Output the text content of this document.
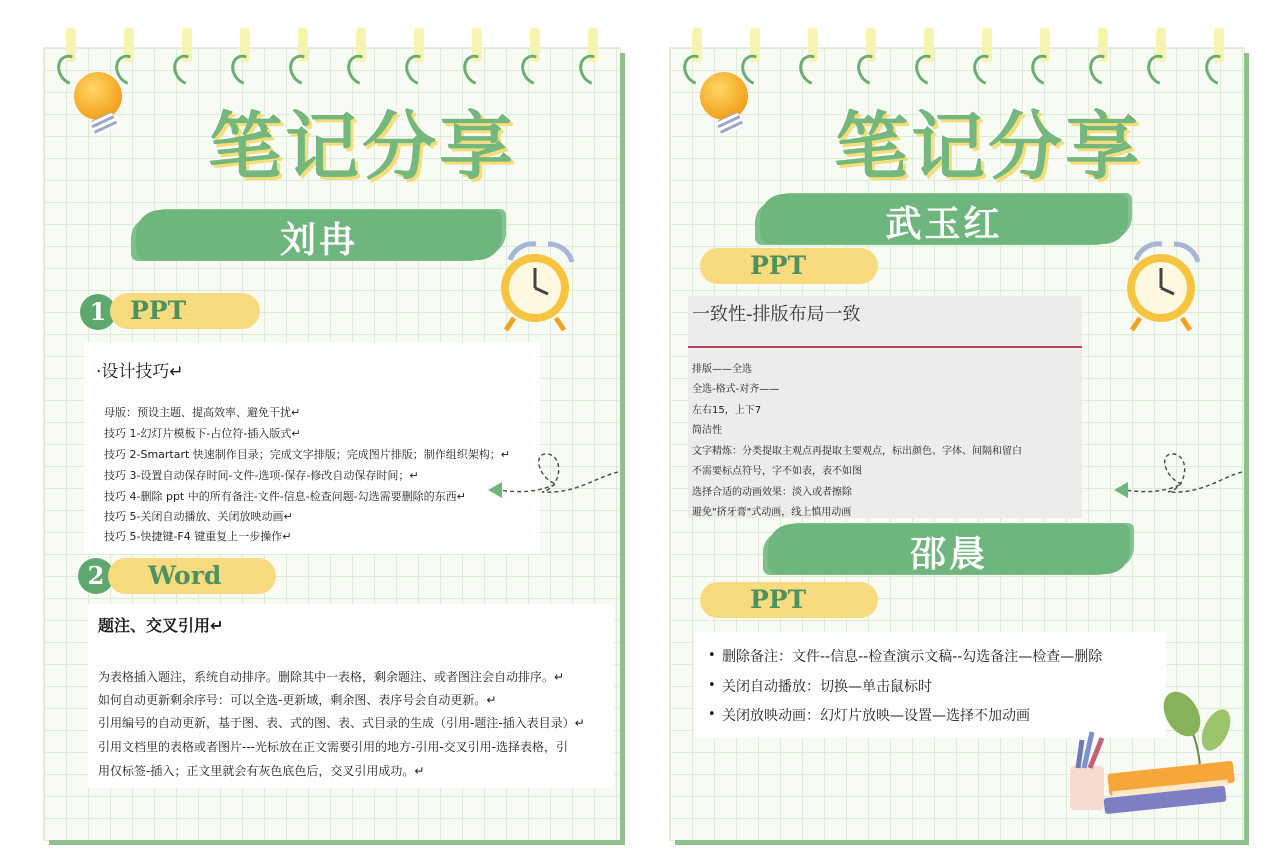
笔记分享
刘冉
1 PPT
·设计技巧↵
母版：预设主题、提高效率、避免干扰↵
技巧 1-幻灯片模板下-占位符-插入版式↵
技巧 2-Smartart 快速制作目录；完成文字排版；完成图片排版；制作组织架构；↵
技巧 3-设置自动保存时间-文件-选项-保存-修改自动保存时间；↵
技巧 4-删除 ppt 中的所有备注-文件-信息-检查问题-勾选需要删除的东西↵
技巧 5-关闭自动播放、关闭放映动画↵
技巧 5-快捷键-F4 键重复上一步操作↵
2	Word
题注、交叉引用↵
为表格插入题注，系统自动排序。删除其中一表格，剩余题注、或者图注会自动排序。↵
如何自动更新剩余序号：可以全选-更新域，剩余图、表序号会自动更新。↵
引用编号的自动更新，基于图、表、式的图、表、式目录的生成（引用-题注-插入表目录）↵
引用文档里的表格或者图片---光标放在正文需要引用的地方-引用-交叉引用-选择表格，引
用仅标签-插入；正文里就会有灰色底色后，交叉引用成功。↵
笔记分享
武玉红
PPT
一致性-排版布局一致
排版——全选
全选-格式-对齐——
左右15，上下7
简洁性
文字精炼：分类提取主观点再提取主要观点，标出颜色、字体、间隔和留白
不需要标点符号，字不如表，表不如图
选择合适的动画效果：淡入或者擦除
避免"挤牙膏"式动画，线上慎用动画
邵晨
PPT
• 删除备注：文件--信息--检查演示文稿--勾选备注—检查—删除
• 关闭自动播放：切换—单击鼠标时
• 关闭放映动画：幻灯片放映—设置—选择不加动画
